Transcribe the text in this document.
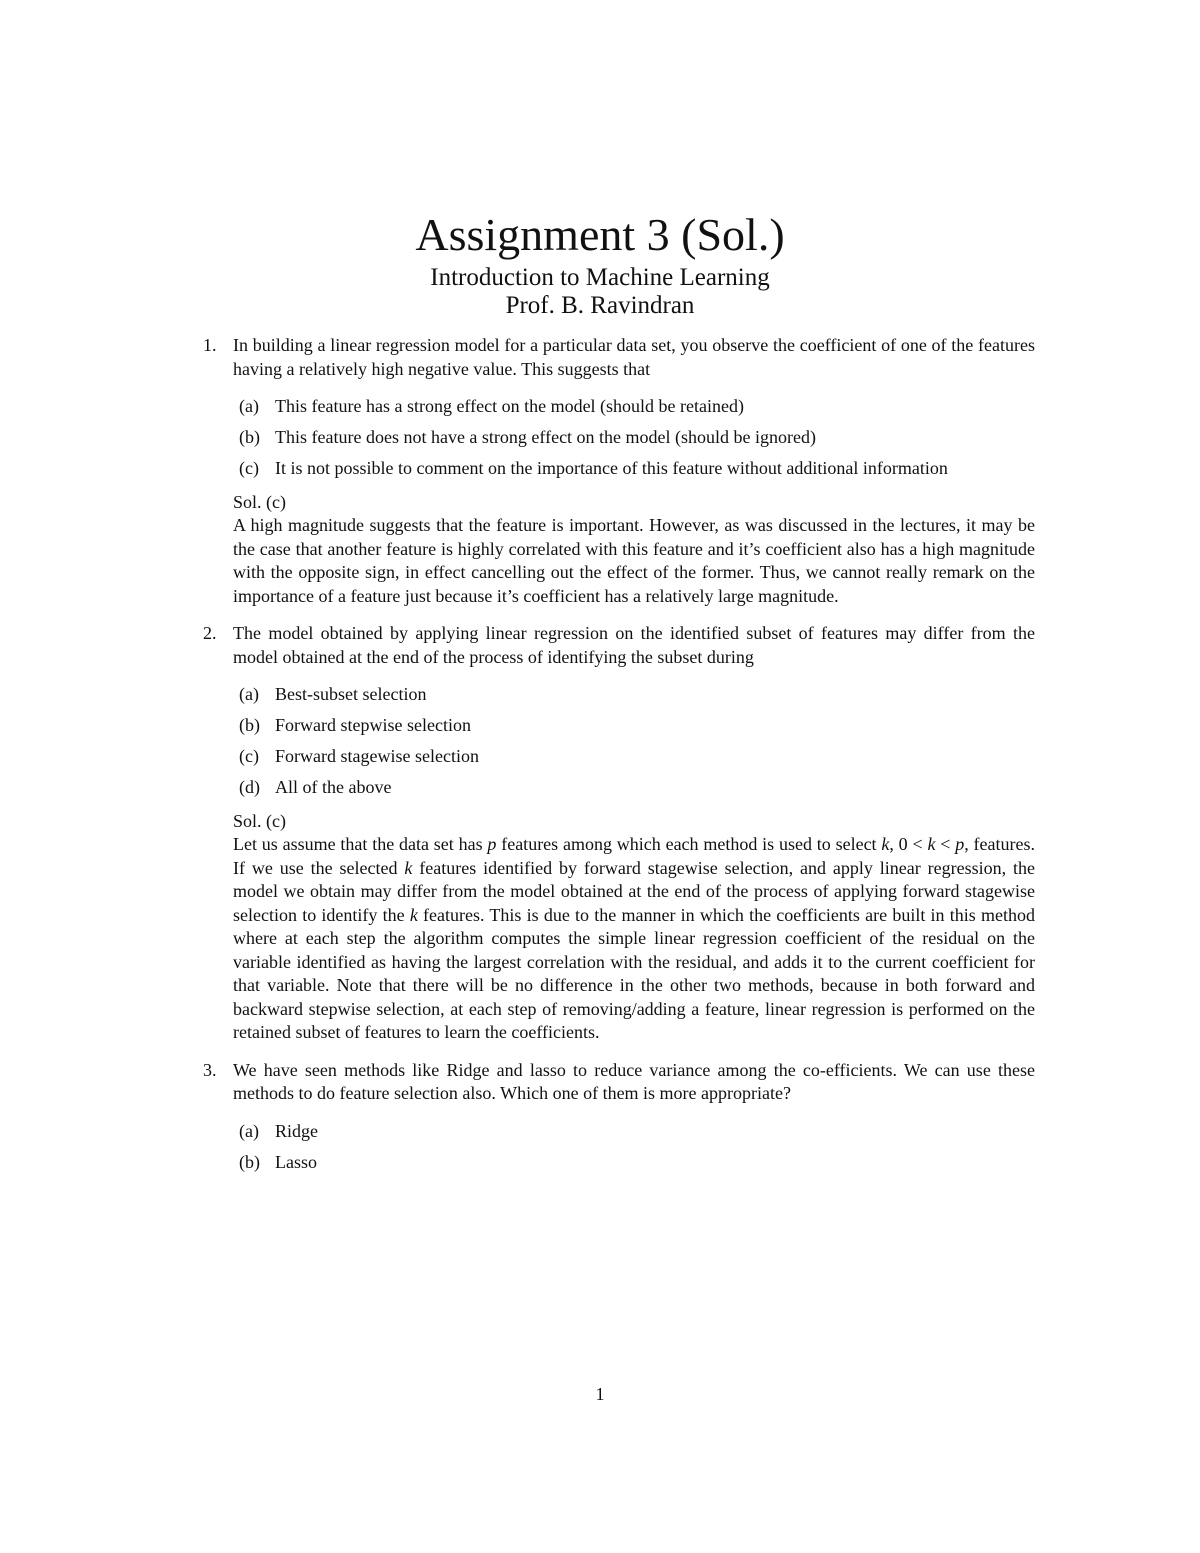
Assignment 3 (Sol.)
Introduction to Machine Learning
Prof. B. Ravindran
1. In building a linear regression model for a particular data set, you observe the coefficient of one of the features having a relatively high negative value. This suggests that

(a) This feature has a strong effect on the model (should be retained)
(b) This feature does not have a strong effect on the model (should be ignored)
(c) It is not possible to comment on the importance of this feature without additional information

Sol. (c)

A high magnitude suggests that the feature is important. However, as was discussed in the lectures, it may be the case that another feature is highly correlated with this feature and it’s coefficient also has a high magnitude with the opposite sign, in effect cancelling out the effect of the former. Thus, we cannot really remark on the importance of a feature just because it’s coefficient has a relatively large magnitude.

2. The model obtained by applying linear regression on the identified subset of features may differ from the model obtained at the end of the process of identifying the subset during

(a) Best-subset selection
(b) Forward stepwise selection
(c) Forward stagewise selection
(d) All of the above

Sol. (c)

Let us assume that the data set has p features among which each method is used to select k, 0 < k < p, features. If we use the selected k features identified by forward stagewise selection, and apply linear regression, the model we obtain may differ from the model obtained at the end of the process of applying forward stagewise selection to identify the k features. This is due to the manner in which the coefficients are built in this method where at each step the algorithm computes the simple linear regression coefficient of the residual on the variable identified as having the largest correlation with the residual, and adds it to the current coefficient for that variable. Note that there will be no difference in the other two methods, because in both forward and backward stepwise selection, at each step of removing/adding a feature, linear regression is performed on the retained subset of features to learn the coefficients.

3. We have seen methods like Ridge and lasso to reduce variance among the co-efficients. We can use these methods to do feature selection also. Which one of them is more appropriate?

(a) Ridge
(b) Lasso
1
